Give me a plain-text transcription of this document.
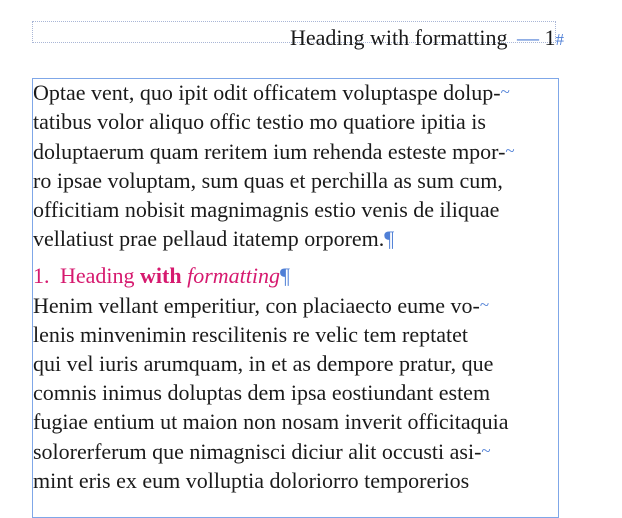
Heading with formatting — 1#

Optae vent, quo ipit odit officatem voluptaspe dolup-~
tatibus volor aliquo offic testio mo quatiore ipitia is
doluptaerum quam reritem ium rehenda esteste mpor-~
ro ipsae voluptam, sum quas et perchilla as sum cum,
officitiam nobisit magnimagnis estio venis de iliquae
vellatiust prae pellaud itatemp orporem.¶

1. Heading with formatting¶

Henim vellant emperitiur, con placiaecto eume vo-~
lenis minvenimin rescilitenis re velic tem reptatet
qui vel iuris arumquam, in et as dempore pratur, que
comnis inimus doluptas dem ipsa eostiundant estem
fugiae entium ut maion non nosam inverit officitaquia
solorerferum que nimagnisci diciur alit occusti asi-~
mint eris ex eum volluptia doloriorro temporerios
